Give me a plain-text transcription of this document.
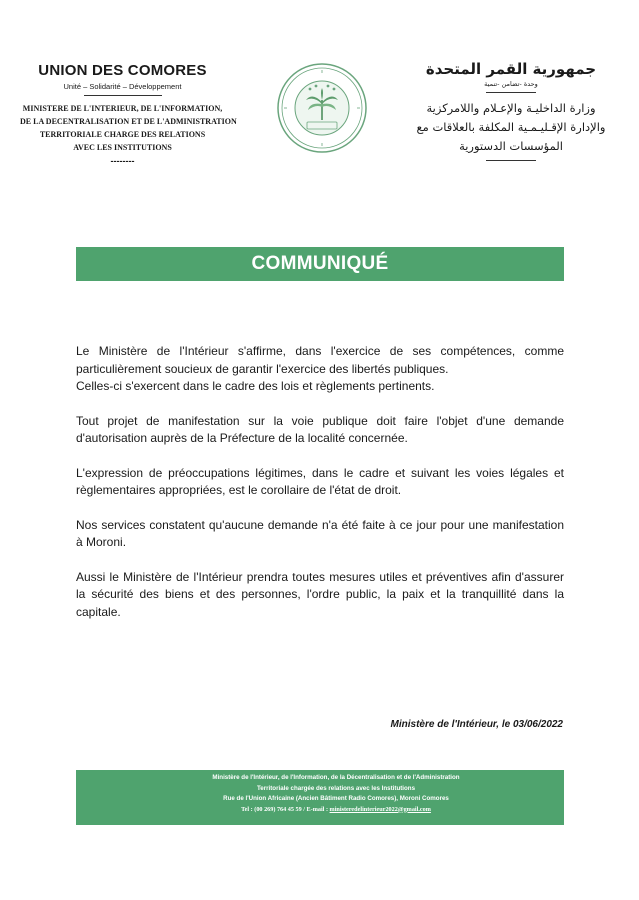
UNION DES COMORES
Unité – Solidarité – Développement
MINISTERE DE L'INTERIEUR, DE L'INFORMATION,
DE LA DECENTRALISATION ET DE L'ADMINISTRATION
TERRITORIALE CHARGE DES RELATIONS
AVEC LES INSTITUTIONS
--------
جمهورية القمر المتحدة
وحدة -تضامن -تنمية
وزارة الداخليـة والإعـلام واللامركزية
والإدارة الإقـليـمـية المكلفة بالعلاقات مع
المؤسسات الدستورية
COMMUNIQUÉ

Le Ministère de l'Intérieur s'affirme, dans l'exercice de ses compétences, comme
particulièrement soucieux de garantir l'exercice des libertés publiques.

Celles-ci s'exercent dans le cadre des lois et règlements pertinents.

Tout projet de manifestation sur la voie publique doit faire l'objet d'une demande d'autorisation auprès de la Préfecture de la localité concernée.

L'expression de préoccupations légitimes, dans le cadre et suivant les voies légales et règlementaires appropriées, est le corollaire de l'état de droit.

Nos services constatent qu'aucune demande n'a été faite à ce jour pour une manifestation à Moroni.

Aussi le Ministère de l'Intérieur prendra toutes mesures utiles et préventives afin d'assurer la sécurité des biens et des personnes, l'ordre public, la paix et la tranquillité dans la capitale.

Ministère de l'Intérieur, le 03/06/2022
Ministère de l'Intérieur, de l'Information, de la Décentralisation et de l'Administration
Territoriale chargée des relations avec les Institutions
Rue de l'Union Africaine (Ancien Bâtiment Radio Comores), Moroni Comores
Tel : (00 269) 764 45 59 / E-mail : ministeredelinterieur2022@gmail.com
